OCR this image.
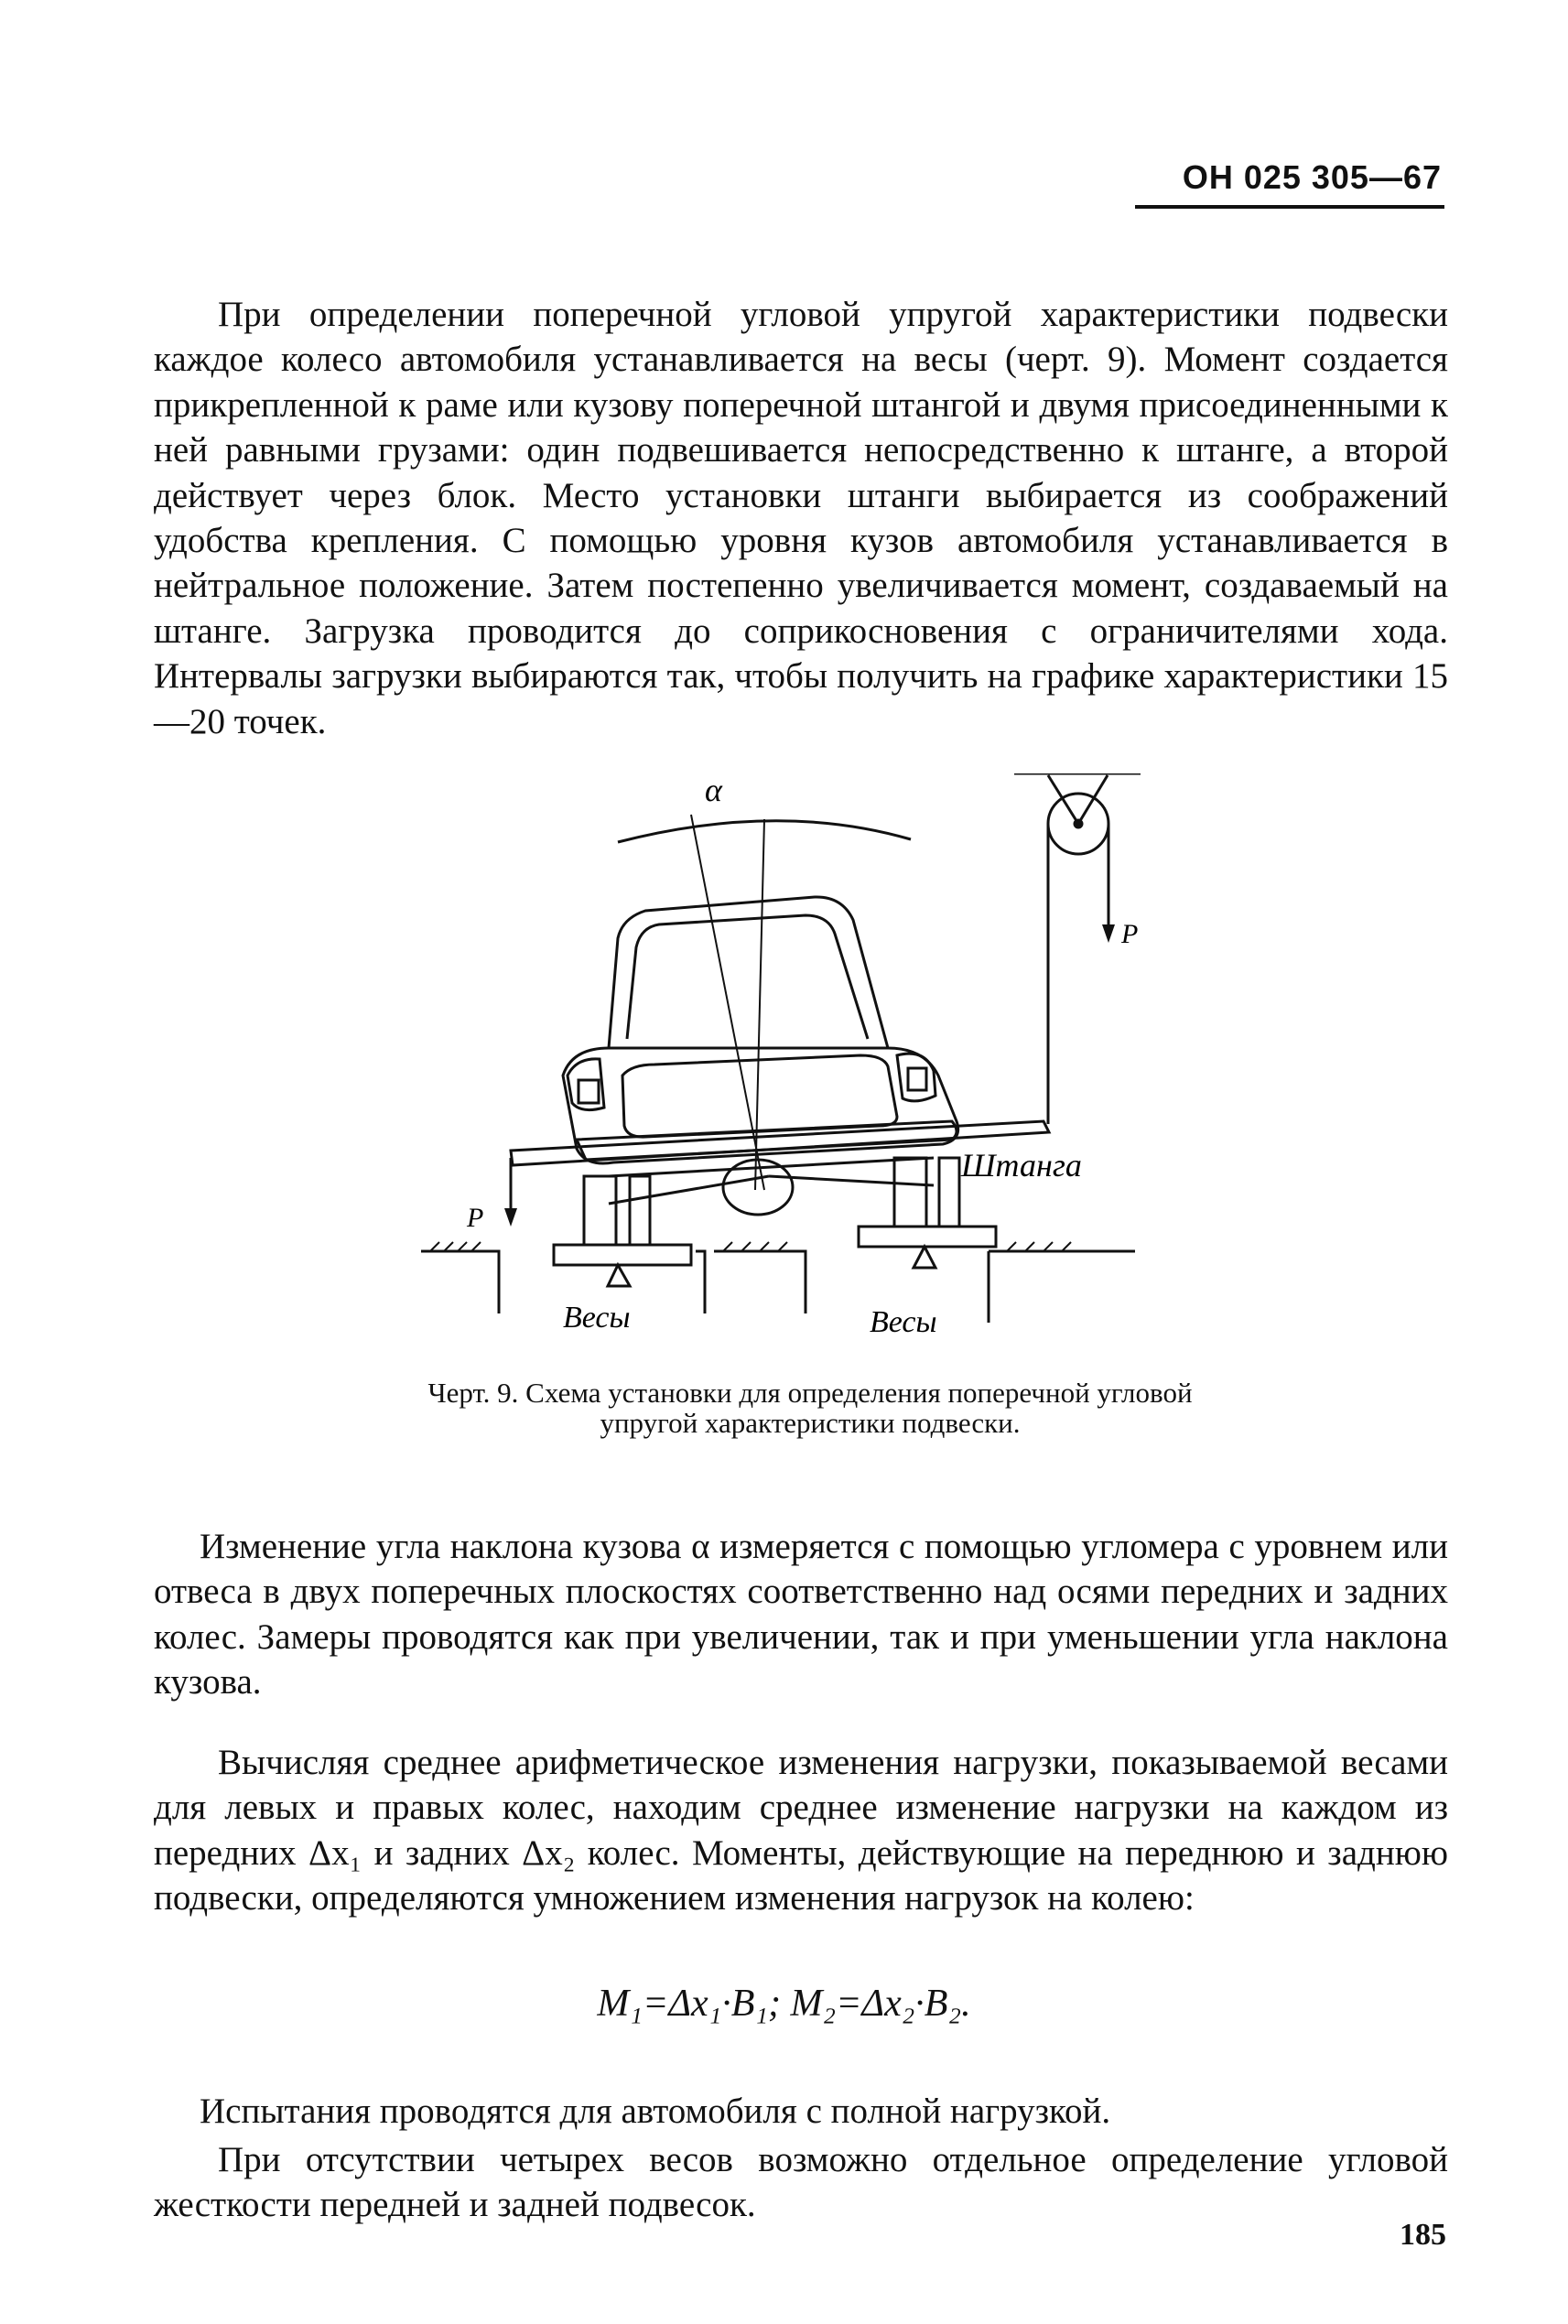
ОН 025 305—67

При определении поперечной угловой упругой характеристики подвески каждое колесо автомобиля устанавливается на весы (черт. 9). Момент создается прикрепленной к раме или кузову поперечной штангой и двумя присоединенными к ней равными грузами: один подвешивается непосредственно к штанге, а второй действует через блок. Место установки штанги выбирается из соображений удобства крепления. С помощью уровня кузов автомобиля устанавливается в нейтральное положение. Затем постепенно увеличивается момент, создаваемый на штанге. Загрузка проводится до соприкосновения с ограничителями хода. Интервалы загрузки выбираются так, чтобы получить на графике характеристики 15—20 точек.

α
P
P
Штанга
Весы	Весы
Черт. 9. Схема установки для определения поперечной угловой упругой характеристики подвески.

Изменение угла наклона кузова α измеряется с помощью угломера с уровнем или отвеса в двух поперечных плоскостях соответственно над осями передних и задних колес. Замеры проводятся как при увеличении, так и при уменьшении угла наклона кузова.

Вычисляя среднее арифметическое изменения нагрузки, показываемой весами для левых и правых колес, находим среднее изменение нагрузки на каждом из передних Δx₁ и задних Δx₂ колес. Моменты, действующие на переднюю и заднюю подвески, определяются умножением изменения нагрузок на колею:

M₁=Δx₁·B₁; M₂=Δx₂·B₂.

Испытания проводятся для автомобиля с полной нагрузкой.

При отсутствии четырех весов возможно отдельное определение угловой жесткости передней и задней подвесок.

185
